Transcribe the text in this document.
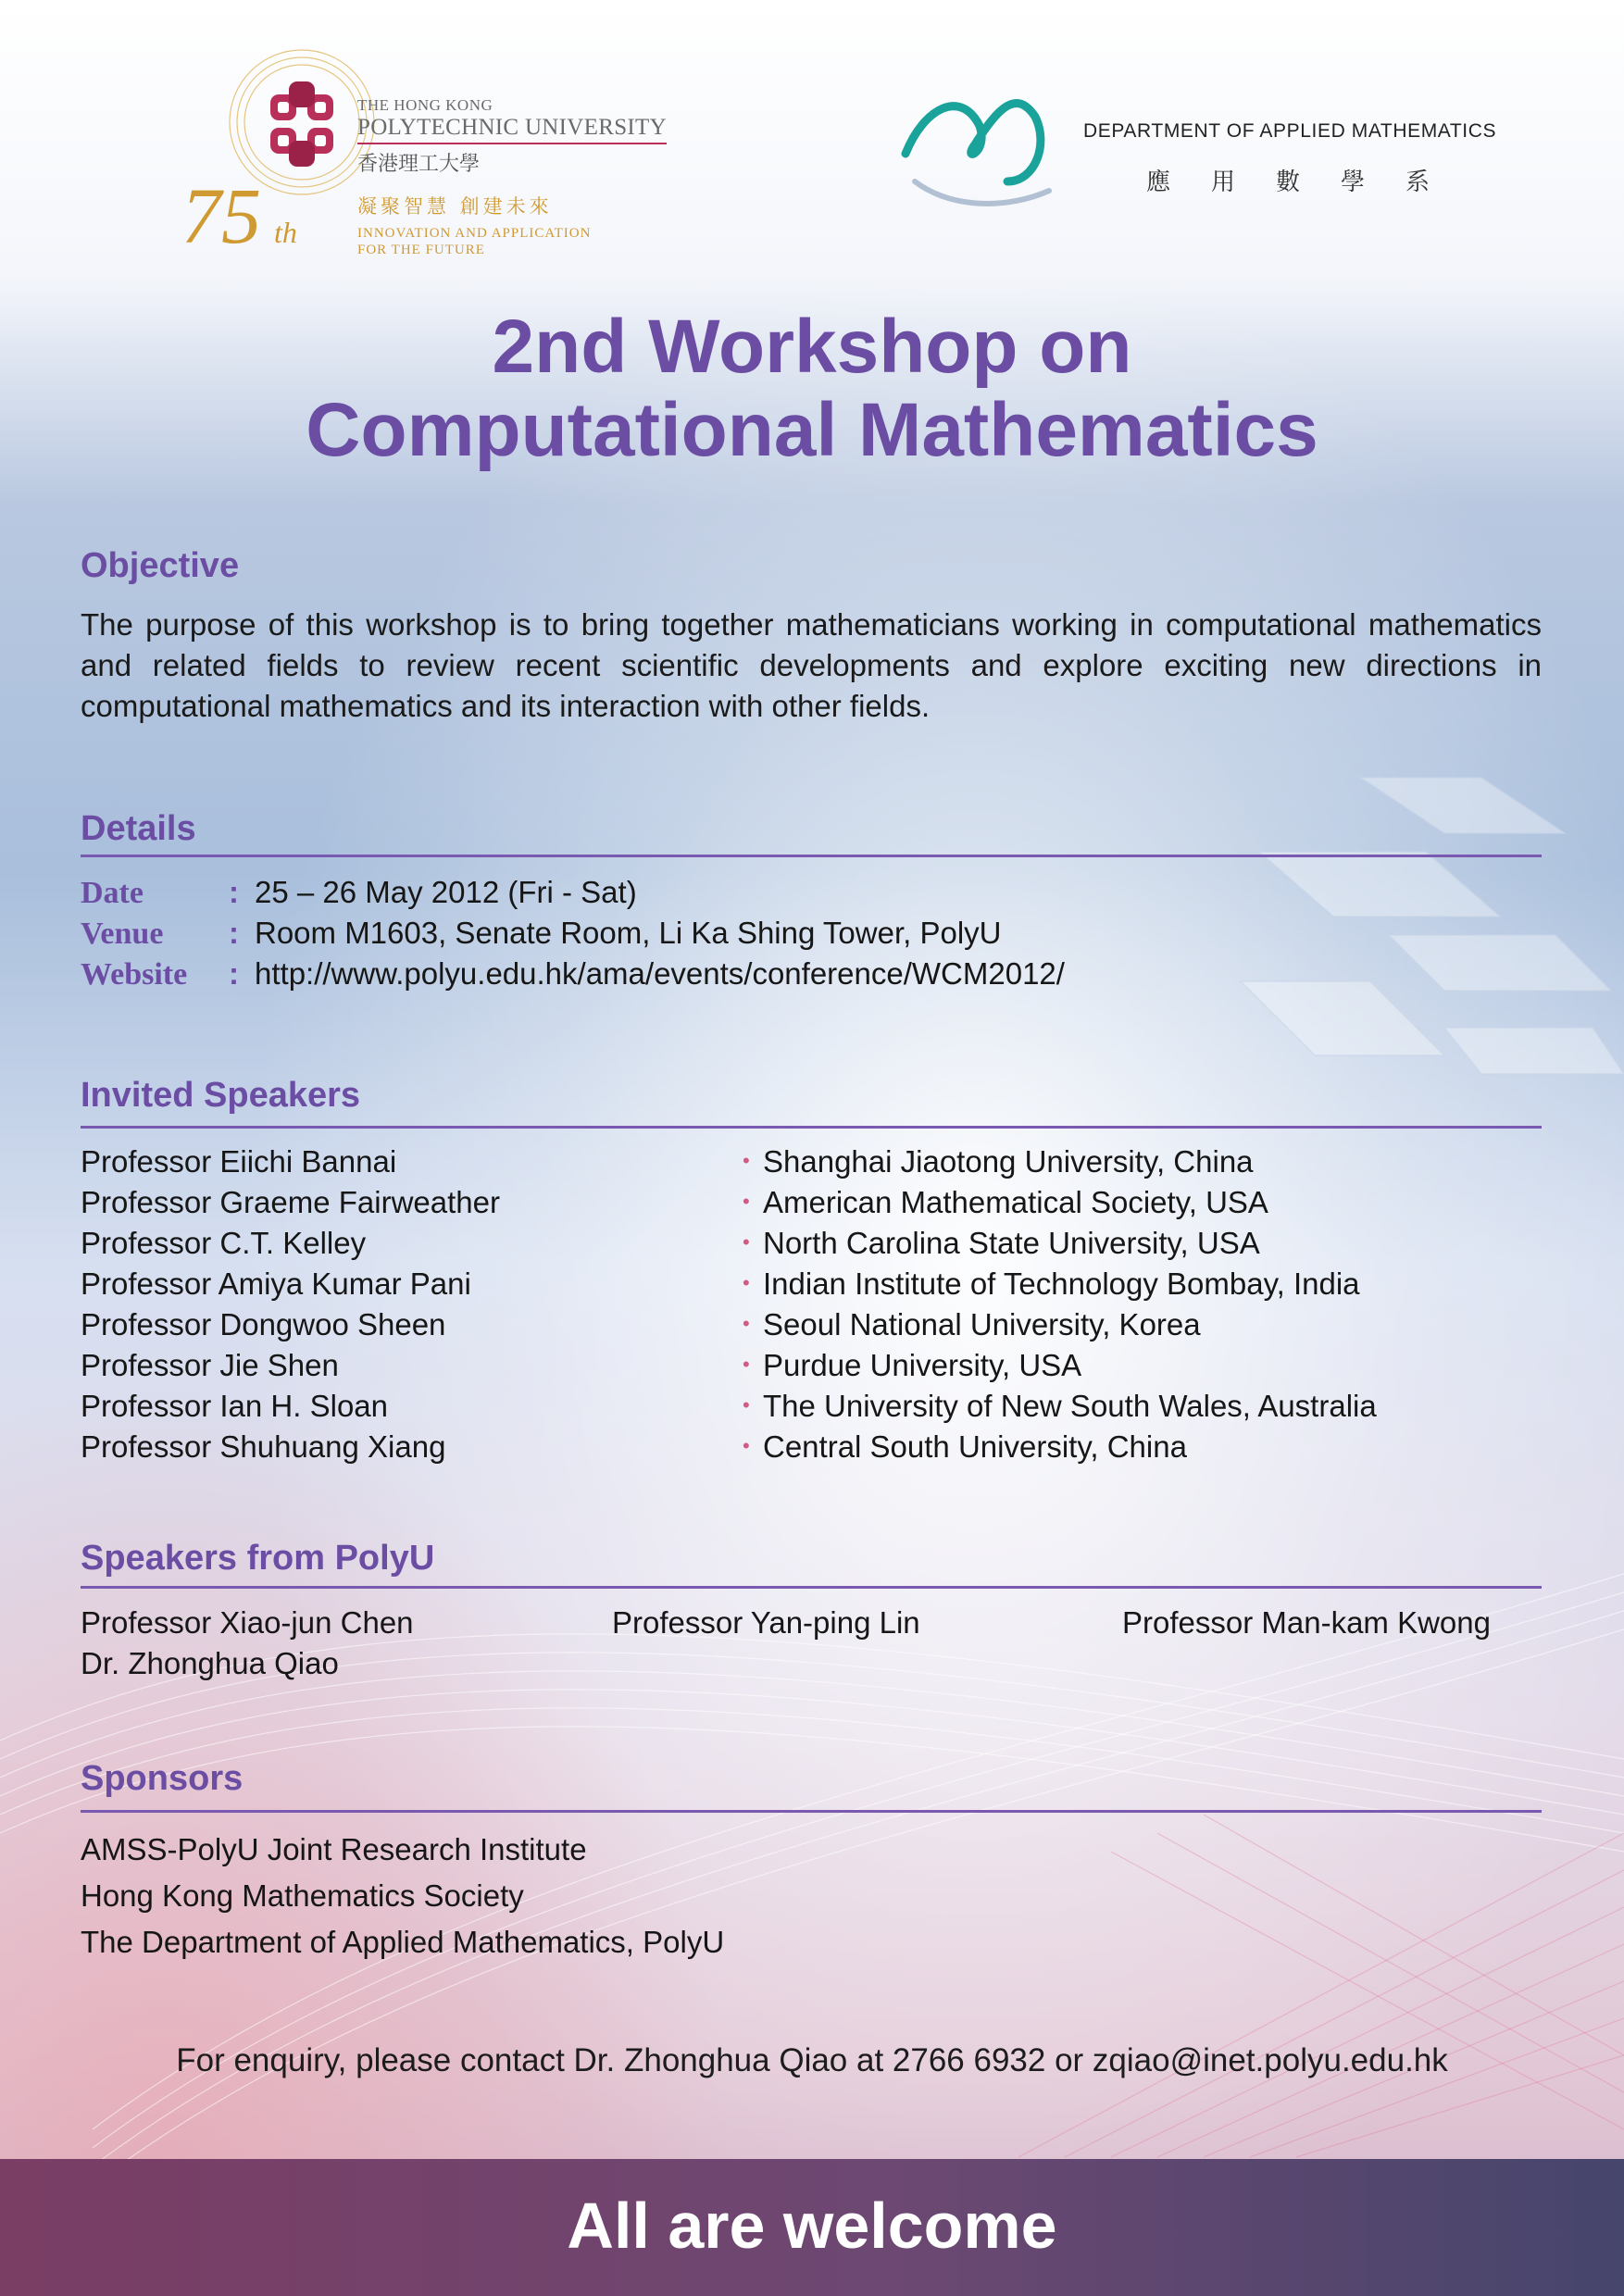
75 th
THE HONG KONG
POLYTECHNIC UNIVERSITY
香港理工大學
凝聚智慧 創建未來
INNOVATION AND APPLICATION
FOR THE FUTURE
DEPARTMENT OF APPLIED MATHEMATICS
應用數學系
2nd Workshop on
Computational Mathematics
Objective
The purpose of this workshop is to bring together mathematicians working in computational mathematics and related fields to review recent scientific developments and explore exciting new directions in computational mathematics and its interaction with other fields.
Details
Date	: 25 – 26 May 2012 (Fri - Sat)
Venue : Room M1603, Senate Room, Li Ka Shing Tower, PolyU
Website : http://www.polyu.edu.hk/ama/events/conference/WCM2012/
Invited Speakers
Professor Eiichi Bannai	• Shanghai Jiaotong University, China
Professor Graeme Fairweather	• American Mathematical Society, USA
Professor C.T. Kelley	• North Carolina State University, USA
Professor Amiya Kumar Pani	• Indian Institute of Technology Bombay, India
Professor Dongwoo Sheen	• Seoul National University, Korea
Professor Jie Shen	• Purdue University, USA
Professor Ian H. Sloan	• The University of New South Wales, Australia
Professor Shuhuang Xiang	• Central South University, China
Speakers from PolyU
Professor Xiao-jun Chen	Professor Yan-ping Lin	Professor Man-kam Kwong
Dr. Zhonghua Qiao
Sponsors
AMSS-PolyU Joint Research Institute
Hong Kong Mathematics Society
The Department of Applied Mathematics, PolyU
For enquiry, please contact Dr. Zhonghua Qiao at 2766 6932 or zqiao@inet.polyu.edu.hk
All are welcome
